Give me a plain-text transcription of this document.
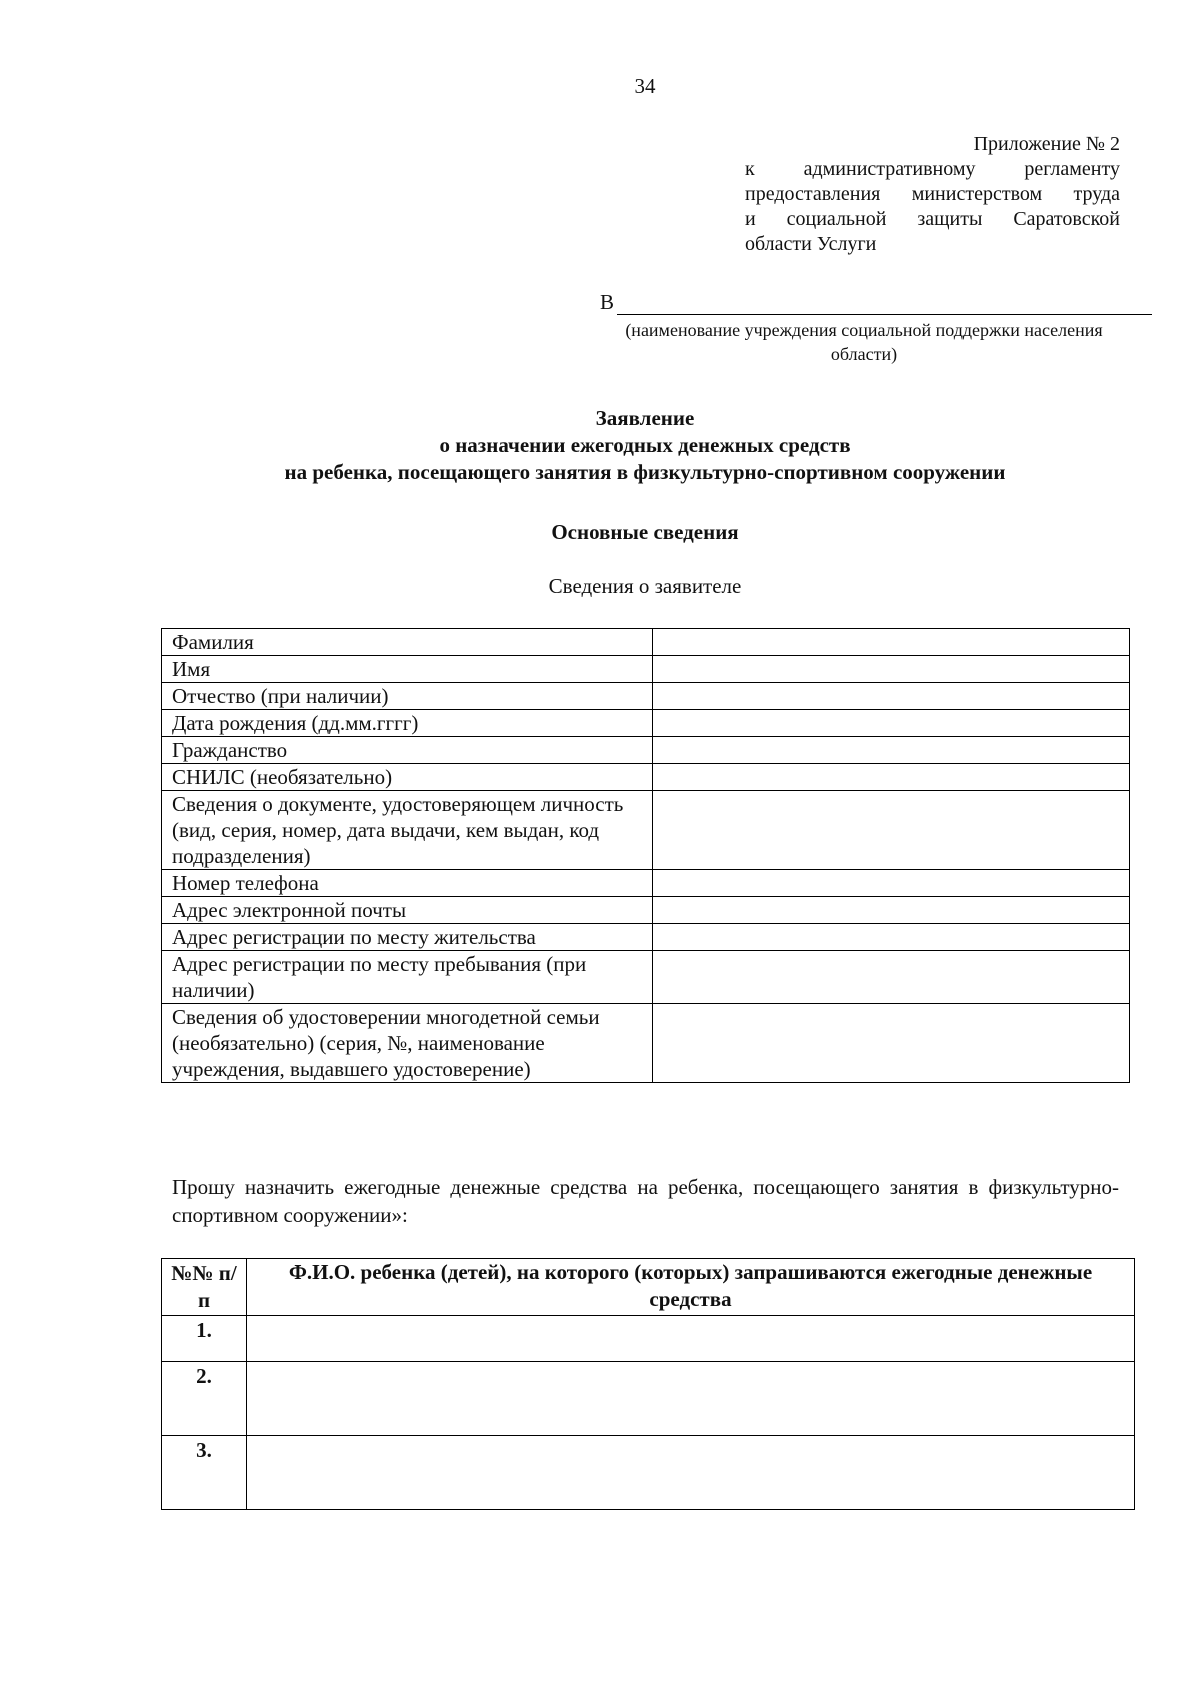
34
Приложение № 2
к административному регламенту
предоставления министерством труда
и социальной защиты Саратовской
области Услуги
В
(наименование учреждения социальной поддержки населения области)
Заявление
о назначении ежегодных денежных средств
на ребенка, посещающего занятия в физкультурно-спортивном сооружении
Основные сведения
Сведения о заявителе
Фамилия	
Имя	
Отчество (при наличии)	
Дата рождения (дд.мм.гггг)	
Гражданство	
СНИЛС (необязательно)	
Сведения о документе, удостоверяющем личность (вид, серия, номер, дата выдачи, кем выдан, код подразделения)	
Номер телефона	
Адрес электронной почты	
Адрес регистрации по месту жительства	
Адрес регистрации по месту пребывания (при наличии)	
Сведения об удостоверении многодетной семьи (необязательно) (серия, №, наименование учреждения, выдавшего удостоверение)	
Прошу назначить ежегодные денежные средства на ребенка, посещающего занятия в физкультурно-спортивном сооружении»:
№№ п/ п	Ф.И.О. ребенка (детей), на которого (которых) запрашиваются ежегодные денежные средства
1.	
2.	
3.	
